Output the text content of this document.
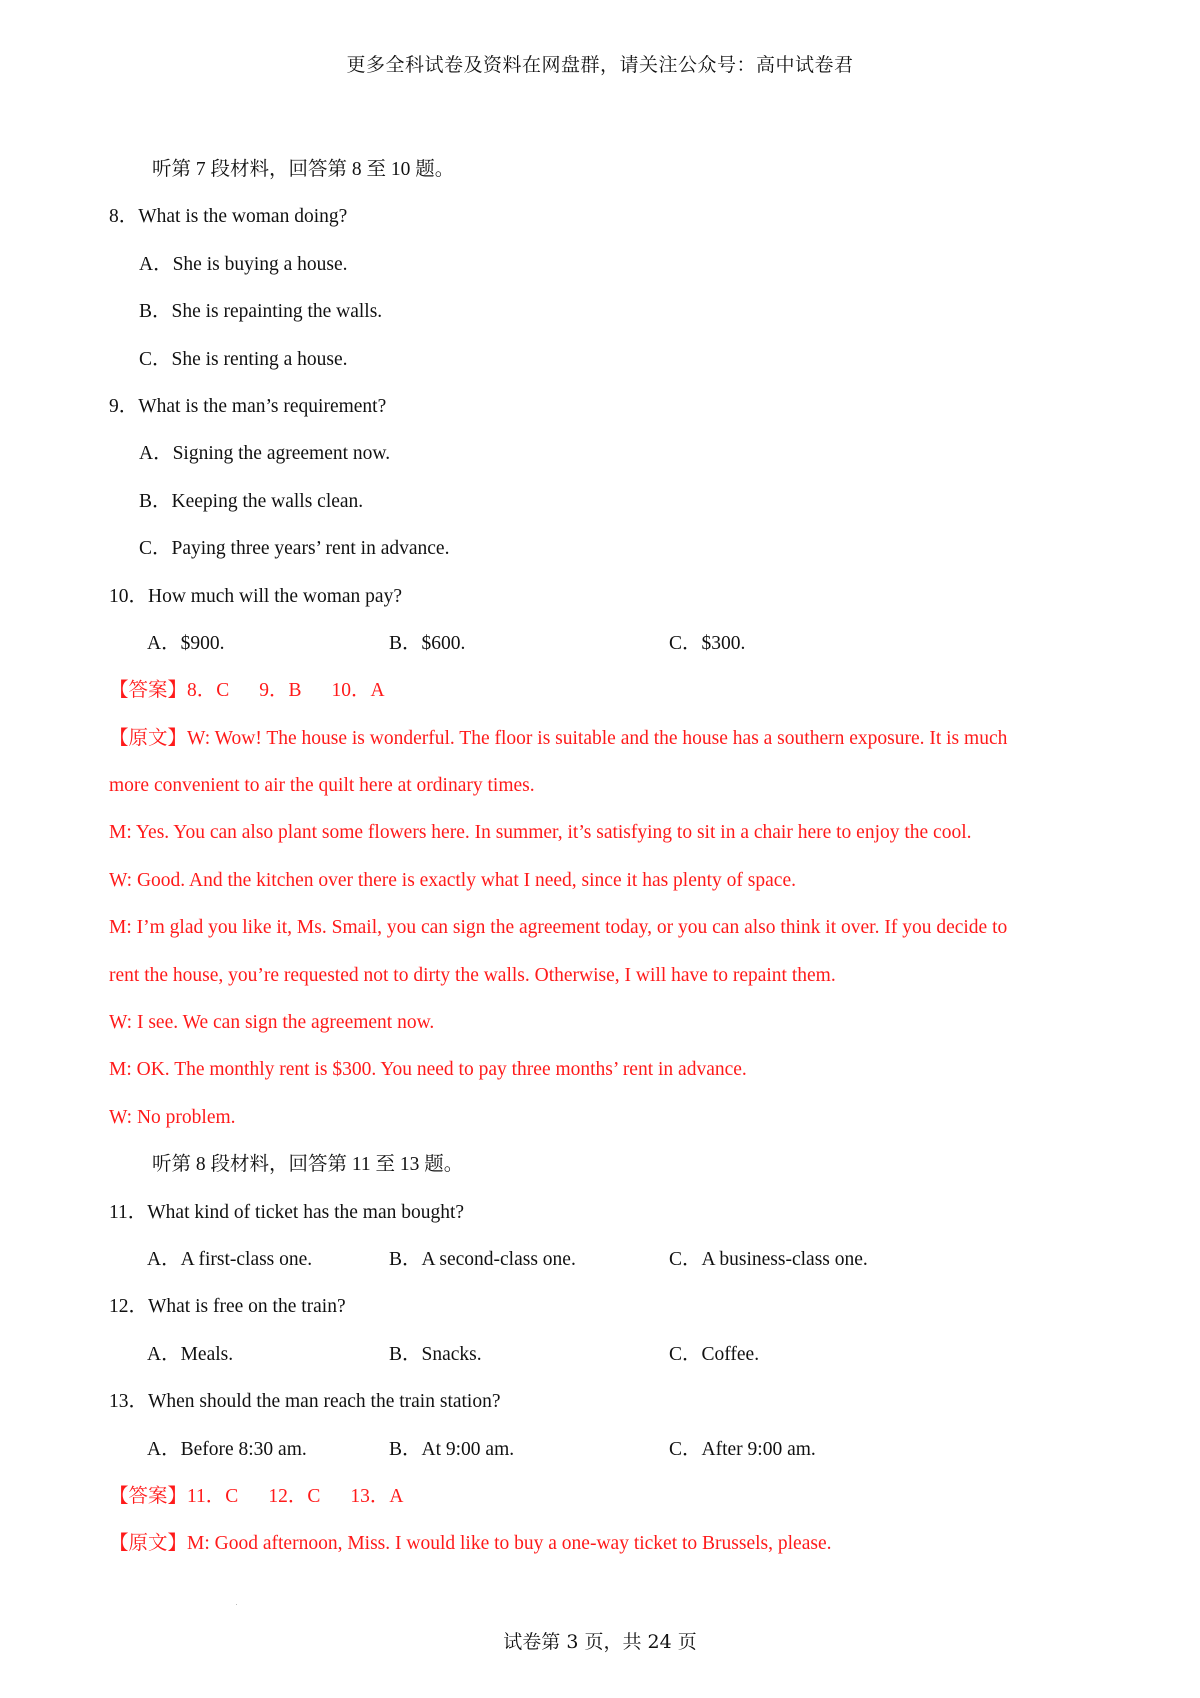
更多全科试卷及资料在网盘群，请关注公众号：高中试卷君
听第 7 段材料，回答第 8 至 10 题。
8．What is the woman doing?
A．She is buying a house.
B．She is repainting the walls.
C．She is renting a house.
9．What is the man’s requirement?
A．Signing the agreement now.
B．Keeping the walls clean.
C．Paying three years’ rent in advance.
10．How much will the woman pay?
A．$900.	B．$600.	C．$300.
【答案】8．C 9．B 10．A
【原文】W: Wow! The house is wonderful. The floor is suitable and the house has a southern exposure. It is much
more convenient to air the quilt here at ordinary times.
M: Yes. You can also plant some flowers here. In summer, it’s satisfying to sit in a chair here to enjoy the cool.
W: Good. And the kitchen over there is exactly what I need, since it has plenty of space.
M: I’m glad you like it, Ms. Smail, you can sign the agreement today, or you can also think it over. If you decide to
rent the house, you’re requested not to dirty the walls. Otherwise, I will have to repaint them.
W: I see. We can sign the agreement now.
M: OK. The monthly rent is $300. You need to pay three months’ rent in advance.
W: No problem.
听第 8 段材料，回答第 11 至 13 题。
11．What kind of ticket has the man bought?
A．A first-class one.	B．A second-class one.	C．A business-class one.
12．What is free on the train?
A．Meals.	B．Snacks.	C．Coffee.
13．When should the man reach the train station?
A．Before 8:30 am.	B．At 9:00 am.	C．After 9:00 am.
【答案】11．C 12．C 13．A
【原文】M: Good afternoon, Miss. I would like to buy a one-way ticket to Brussels, please.
试卷第 3 页，共 24 页
